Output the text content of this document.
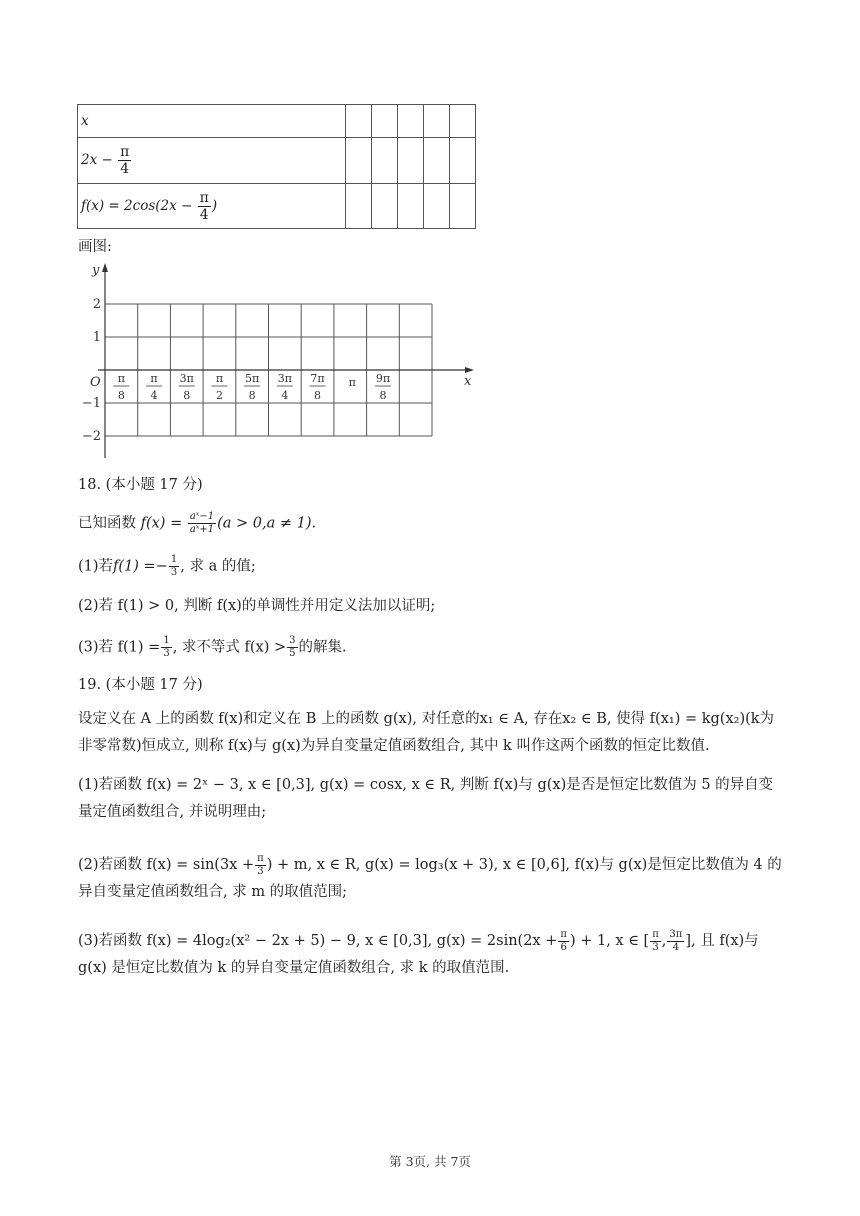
x					
$2x - \frac{\pi}{4}$

$f(x) = 2\cos(2x - \frac{\pi}{4}$ )					
画图:
y
x
O
2
1
−1
−2
π
8
π
4
3π
8
π
2
5π
8
3π
4
7π
8
π 9π
8
18. (本小题 17 分)
已知函数 $f(x) = \frac{\text{aˣ−1}}{\text{aˣ+1}} (a > 0,a \ne 1)$.
(1)若$f(1) =- \frac{1}{3}$ , 求 a 的值;
(2)若 f(1) > 0, 判断 f(x)的单调性并用定义法加以证明;
(3)若 $f(1) = \frac{1}{3}$ , 求不等式 $f(x) > \frac{3}{5}$ 的解集.
19. (本小题 17 分)
设定义在 A 上的函数 f(x)和定义在 B 上的函数 g(x), 对任意的x₁ ∈ A, 存在x₂ ∈ B, 使得 f(x₁) = kg(x₂)(k为非零常数)恒成立, 则称 f(x)与 g(x)为异自变量定值函数组合, 其中 k 叫作这两个函数的恒定比数值.
(1)若函数 f(x) = 2ˣ − 3, x ∈ [0,3], g(x) = cosx, x ∈ R, 判断 f(x)与 g(x)是否是恒定比数值为 5 的异自变量定值函数组合, 并说明理由;
(2)若函数 $f(x) = \sin(3x + \frac{\pi}{3}$ ) + m, x ∈ R, g(x) = log₃(x + 3), x ∈ [0,6], f(x)与 g(x)是恒定比数值为 4 的异自变量定值函数组合, 求 m 的取值范围;
(3)若函数 f(x) = 4log₂(x² − 2x + 5) − 9, x ∈ [0,3], $g(x) = 2\sin(2x + \frac{\pi}{6}$ ) + 1, x ∈ [ $\frac{\pi}{3}$ , $\frac{3\pi}{4}$ ], 且 f(x)与 g(x) 是恒定比数值为 k 的异自变量定值函数组合, 求 k 的取值范围.
第 3页, 共 7页
